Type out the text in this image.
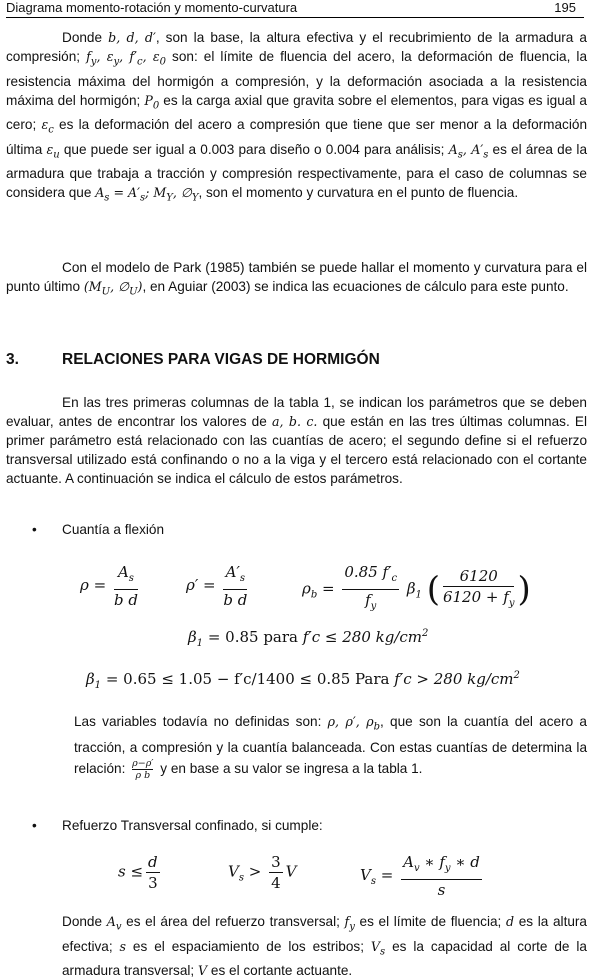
Diagrama momento-rotación y momento-curvatura	195
Donde b, d, d′, son la base, la altura efectiva y el recubrimiento de la armadura a compresión; $f_y$, $\varepsilon_y$, $f'_c$, $\varepsilon_0$ son: el límite de fluencia del acero, la deformación de fluencia, la resistencia máxima del hormigón a compresión, y la deformación asociada a la resistencia máxima del hormigón; $P_0$ es la carga axial que gravita sobre el elementos, para vigas es igual a cero; $\varepsilon_c$ es la deformación del acero a compresión que tiene que ser menor a la deformación última $\varepsilon_u$ que puede ser igual a 0.003 para diseño o 0.004 para análisis; $A_s$, $A'_s$ es el área de la armadura que trabaja a tracción y compresión respectivamente, para el caso de columnas se considera que $A_s = A'_s$; $M_Y$, $\emptyset_Y$, son el momento y curvatura en el punto de fluencia.
Con el modelo de Park (1985) también se puede hallar el momento y curvatura para el punto último ($M_U$, $\emptyset_U$), en Aguiar (2003) se indica las ecuaciones de cálculo para este punto.
3.	RELACIONES PARA VIGAS DE HORMIGÓN
En las tres primeras columnas de la tabla 1, se indican los parámetros que se deben evaluar, antes de encontrar los valores de a, b. c. que están en las tres últimas columnas. El primer parámetro está relacionado con las cuantías de acero; el segundo define si el refuerzo transversal utilizado está confinando o no a la viga y el tercero está relacionado con el cortante actuante. A continuación se indica el cálculo de estos parámetros.
• Cuantía a flexión
$\rho = \frac{A_s}{\text{b d}}$	$\rho' = \frac{A'_s}{\text{b d}}$	$\rho_b = \frac{0.85 f'_c}{f_y} \beta_1$ ( $\frac{6120}{6120 + f_y}$ )
$\beta_1 = 0.85$ para f′c ≤ 280 $kg/cm^2$
$\beta_1 = 0.65 \le 1.05 - f'c/1400 \le 0.85$ Para f′c > 280 $kg/cm^2$
Las variables todavía no definidas son: ρ, ρ′, $\rho_b$, que son la cuantía del acero a tracción, a compresión y la cuantía balanceada. Con estas cuantías de determina la relación: $\frac{\rho-\rho'}{\text{ρ b}}$ y en base a su valor se ingresa a la tabla 1.
• Refuerzo Transversal confinado, si cumple:
$s \le \frac{d}{3}$	$V_s > \frac{3}{4}$ V	$V_s = \frac{A_v ∗ f_y ∗ d}{s}$
Donde $A_v$ es el área del refuerzo transversal; $f_y$ es el límite de fluencia; d es la altura efectiva; s es el espaciamiento de los estribos; $V_s$ es la capacidad al corte de la armadura transversal; V es el cortante actuante.
